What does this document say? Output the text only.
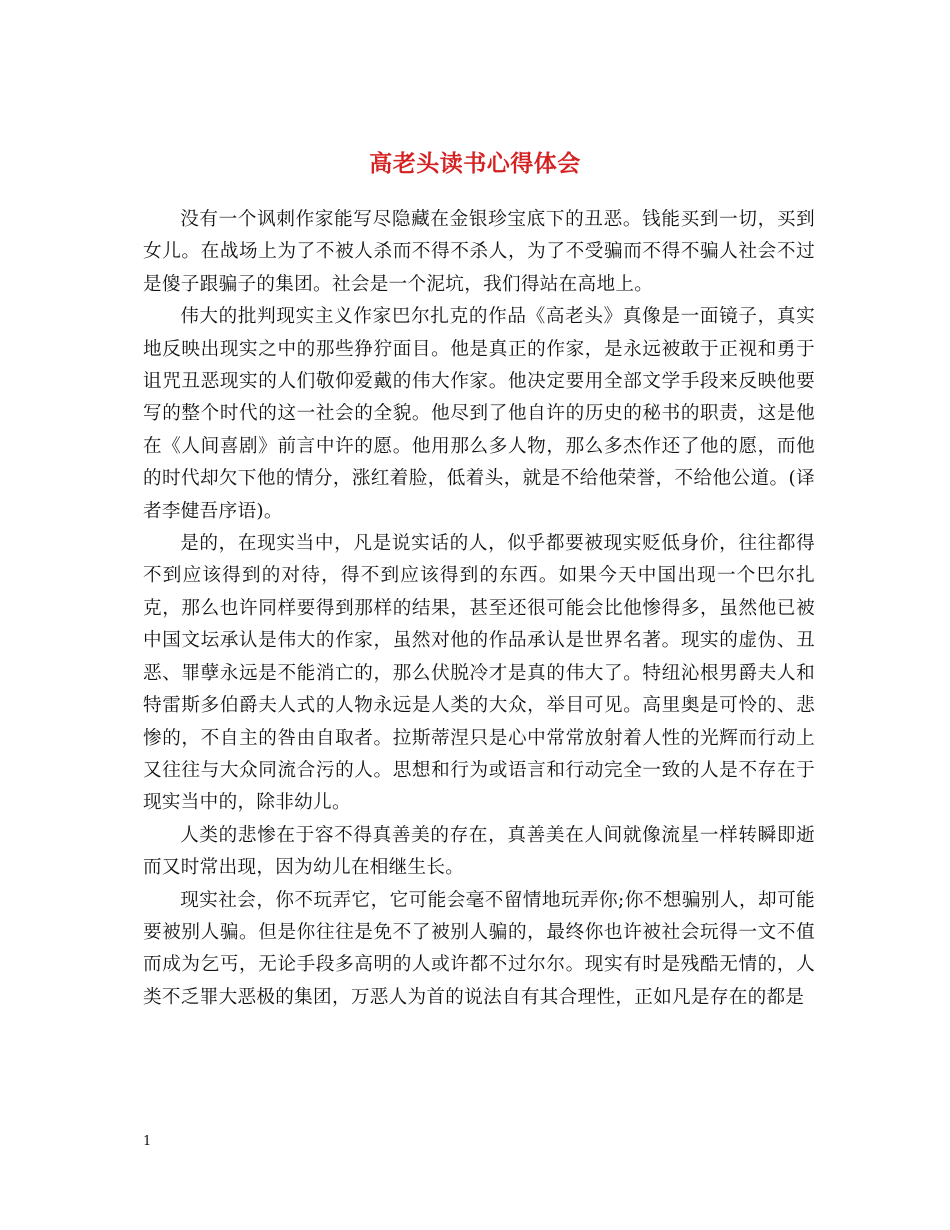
高老头读书心得体会

没有一个讽刺作家能写尽隐藏在金银珍宝底下的丑恶。钱能买到一切，买到女儿。在战场上为了不被人杀而不得不杀人，为了不受骗而不得不骗人社会不过是傻子跟骗子的集团。社会是一个泥坑，我们得站在高地上。

伟大的批判现实主义作家巴尔扎克的作品《高老头》真像是一面镜子，真实地反映出现实之中的那些狰狞面目。他是真正的作家，是永远被敢于正视和勇于诅咒丑恶现实的人们敬仰爱戴的伟大作家。他决定要用全部文学手段来反映他要写的整个时代的这一社会的全貌。他尽到了他自许的历史的秘书的职责，这是他在《人间喜剧》前言中许的愿。他用那么多人物，那么多杰作还了他的愿，而他的时代却欠下他的情分，涨红着脸，低着头，就是不给他荣誉，不给他公道。(译者李健吾序语)。

是的，在现实当中，凡是说实话的人，似乎都要被现实贬低身价，往往都得不到应该得到的对待，得不到应该得到的东西。如果今天中国出现一个巴尔扎克，那么也许同样要得到那样的结果，甚至还很可能会比他惨得多，虽然他已被中国文坛承认是伟大的作家，虽然对他的作品承认是世界名著。现实的虚伪、丑恶、罪孽永远是不能消亡的，那么伏脱冷才是真的伟大了。特纽沁根男爵夫人和特雷斯多伯爵夫人式的人物永远是人类的大众，举目可见。高里奥是可怜的、悲惨的，不自主的咎由自取者。拉斯蒂涅只是心中常常放射着人性的光辉而行动上又往往与大众同流合污的人。思想和行为或语言和行动完全一致的人是不存在于现实当中的，除非幼儿。

人类的悲惨在于容不得真善美的存在，真善美在人间就像流星一样转瞬即逝而又时常出现，因为幼儿在相继生长。

现实社会，你不玩弄它，它可能会毫不留情地玩弄你;你不想骗别人，却可能要被别人骗。但是你往往是免不了被别人骗的，最终你也许被社会玩得一文不值而成为乞丐，无论手段多高明的人或许都不过尔尔。现实有时是残酷无情的，人类不乏罪大恶极的集团，万恶人为首的说法自有其合理性，正如凡是存在的都是

1
